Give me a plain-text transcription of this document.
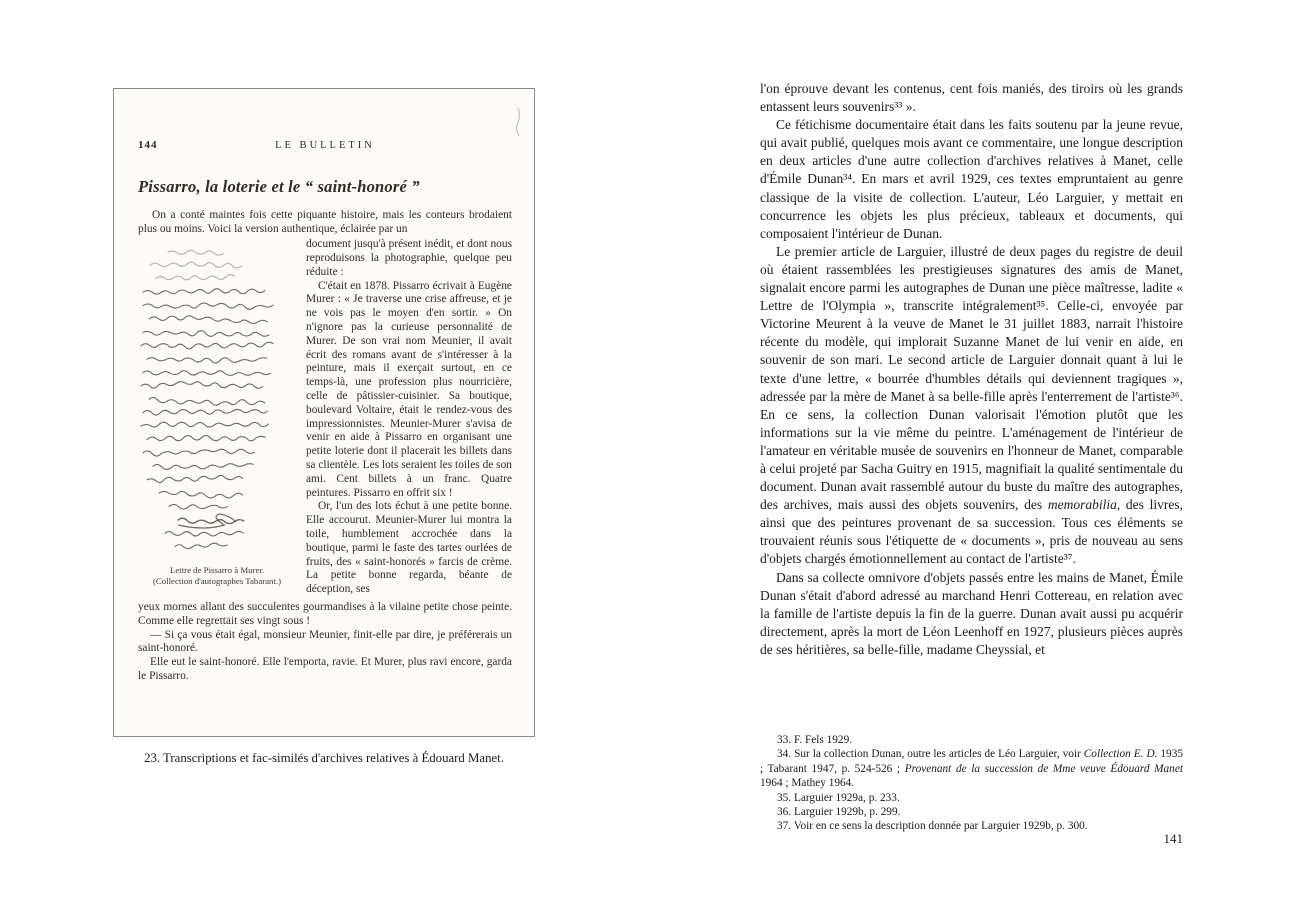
144	LE BULLETIN
Pissarro, la loterie et le “ saint-honoré ”

On a conté maintes fois cette piquante histoire, mais les conteurs brodaient plus ou moins. Voici la version authentique, éclairée par un

Lettre de Pissarro à Murer.
(Collection d'autographes Tabarant.)

document jusqu'à présent inédit, et dont nous reproduisons la photographie, quelque peu réduite :

C'était en 1878. Pissarro écrivait à Eugène Murer : « Je traverse une crise affreuse, et je ne vois pas le moyen d'en sortir. » On n'ignore pas la curieuse personnalité de Murer. De son vrai nom Meunier, il avait écrit des romans avant de s'intéresser à la peinture, mais il exerçait surtout, en ce temps-là, une profession plus nourricière, celle de pâtissier-cuisinier. Sa boutique, boulevard Voltaire, était le rendez-vous des impressionnistes. Meunier-Murer s'avisa de venir en aide à Pissarro en organisant une petite loterie dont il placerait les billets dans sa clientèle. Les lots seraient les toiles de son ami. Cent billets à un franc. Quatre peintures. Pissarro en offrit six !

Or, l'un des lots échut à une petite bonne. Elle accourut. Meunier-Murer lui montra la toile, humblement accrochée dans la boutique, parmi le faste des tartes ourlées de fruits, des « saint-honorés » farcis de crème. La petite bonne regarda, béante de déception, ses

yeux mornes allant des succulentes gourmandises à la vilaine petite chose peinte. Comme elle regrettait ses vingt sous !

— Si ça vous était égal, monsieur Meunier, finit-elle par dire, je préférerais un saint-honoré.

Elle eut le saint-honoré. Elle l'emporta, ravie. Et Murer, plus ravi encore, garda le Pissarro.

23. Transcriptions et fac-similés d'archives relatives à Édouard Manet.

l'on éprouve devant les contenus, cent fois maniés, des tiroirs où les grands entassent leurs souvenirs³³ ».

Ce fétichisme documentaire était dans les faits soutenu par la jeune revue, qui avait publié, quelques mois avant ce commentaire, une longue description en deux articles d'une autre collection d'archives relatives à Manet, celle d'Émile Dunan³⁴. En mars et avril 1929, ces textes empruntaient au genre classique de la visite de collection. L'auteur, Léo Larguier, y mettait en concurrence les objets les plus précieux, tableaux et documents, qui composaient l'intérieur de Dunan.

Le premier article de Larguier, illustré de deux pages du registre de deuil où étaient rassemblées les prestigieuses signatures des amis de Manet, signalait encore parmi les autographes de Dunan une pièce maîtresse, ladite « Lettre de l'Olympia », transcrite intégralement³⁵. Celle-ci, envoyée par Victorine Meurent à la veuve de Manet le 31 juillet 1883, narrait l'histoire récente du modèle, qui implorait Suzanne Manet de lui venir en aide, en souvenir de son mari. Le second article de Larguier donnait quant à lui le texte d'une lettre, « bourrée d'humbles détails qui deviennent tragiques », adressée par la mère de Manet à sa belle-fille après l'enterrement de l'artiste³⁶. En ce sens, la collection Dunan valorisait l'émotion plutôt que les informations sur la vie même du peintre. L'aménagement de l'intérieur de l'amateur en véritable musée de souvenirs en l'honneur de Manet, comparable à celui projeté par Sacha Guitry en 1915, magnifiait la qualité sentimentale du document. Dunan avait rassemblé autour du buste du maître des autographes, des archives, mais aussi des objets souvenirs, des memorabilia, des livres, ainsi que des peintures provenant de sa succession. Tous ces éléments se trouvaient réunis sous l'étiquette de « documents », pris de nouveau au sens d'objets chargés émotionnellement au contact de l'artiste³⁷.

Dans sa collecte omnivore d'objets passés entre les mains de Manet, Émile Dunan s'était d'abord adressé au marchand Henri Cottereau, en relation avec la famille de l'artiste depuis la fin de la guerre. Dunan avait aussi pu acquérir directement, après la mort de Léon Leenhoff en 1927, plusieurs pièces auprès de ses héritières, sa belle-fille, madame Cheyssial, et

33. F. Fels 1929.

34. Sur la collection Dunan, outre les articles de Léo Larguier, voir Collection E. D. 1935 ; Tabarant 1947, p. 524-526 ; Provenant de la succession de Mme veuve Édouard Manet 1964 ; Mathey 1964.

35. Larguier 1929a, p. 233.

36. Larguier 1929b, p. 299.

37. Voir en ce sens la description donnée par Larguier 1929b, p. 300.

141
